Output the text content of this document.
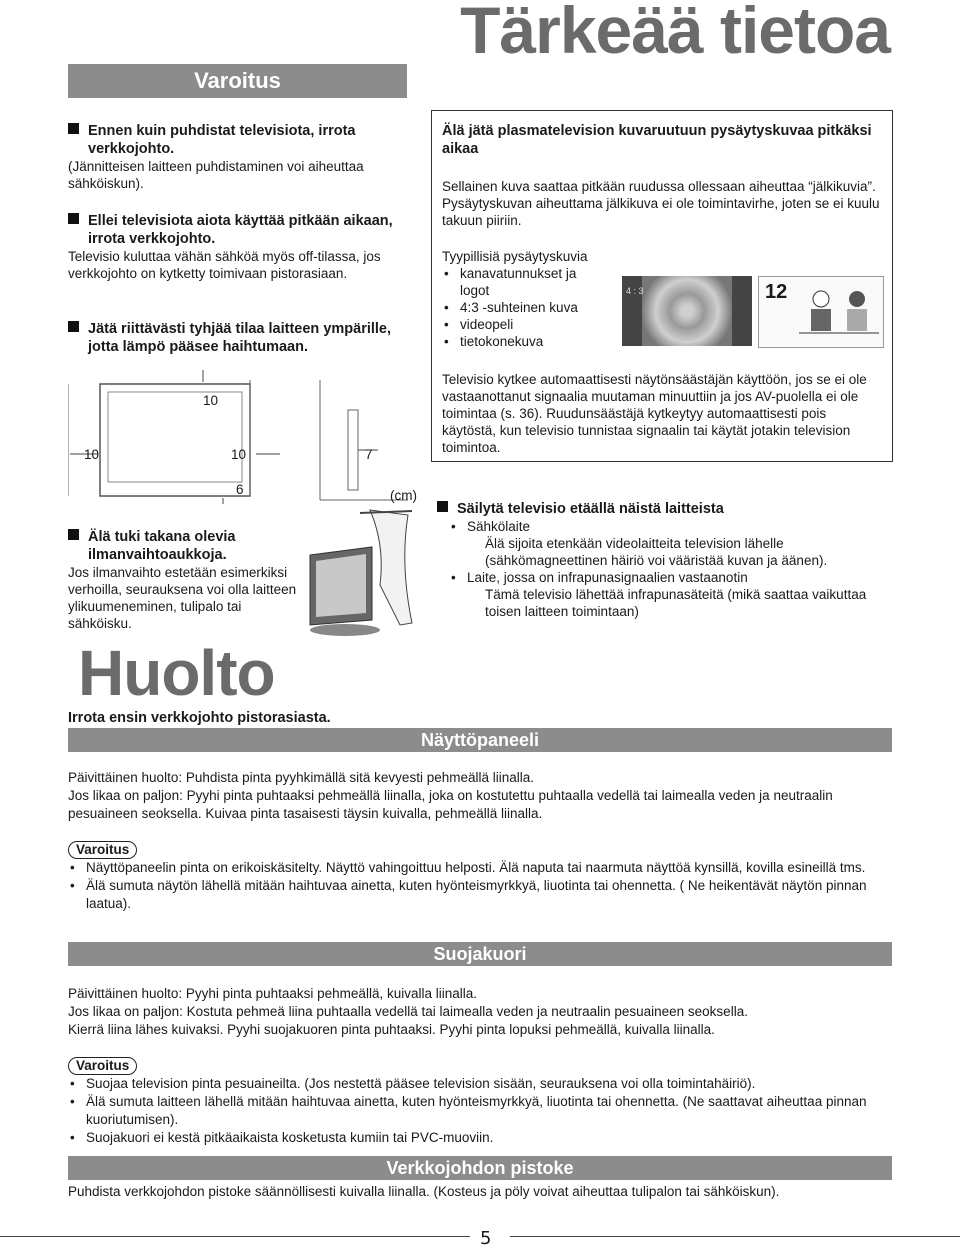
Tärkeää tietoa
Varoitus
Ennen kuin puhdistat televisiota, irrota verkkojohto.
(Jännitteisen laitteen puhdistaminen voi aiheuttaa sähköiskun).
Ellei televisiota aiota käyttää pitkään aikaan, irrota verkkojohto.
Televisio kuluttaa vähän sähköä myös off-tilassa, jos verkkojohto on kytketty toimivaan pistorasiaan.
Jätä riittävästi tyhjää tilaa laitteen ympärille, jotta lämpö pääsee haihtumaan.
10
10	10
6
7
(cm)
Älä tuki takana olevia ilmanvaihtoaukkoja.
Jos ilmanvaihto estetään esimerkiksi verhoilla, seurauksena voi olla laitteen ylikuumeneminen, tulipalo tai sähköisku.
Älä jätä plasmatelevision kuvaruutuun pysäytyskuvaa pitkäksi aikaa
Sellainen kuva saattaa pitkään ruudussa ollessaan aiheuttaa “jälkikuvia”. Pysäytyskuvan aiheuttama jälkikuva ei ole toimintavirhe, joten se ei kuulu takuun piiriin.
Tyypillisiä pysäytyskuvia
• kanavatunnukset ja logot
• 4:3 -suhteinen kuva
• videopeli
• tietokonekuva
4 : 3	12
Televisio kytkee automaattisesti näytönsäästäjän käyttöön, jos se ei ole vastaanottanut signaalia muutaman minuuttiin ja jos AV-puolella ei ole toimintaa (s. 36). Ruudunsäästäjä kytkeytyy automaattisesti pois käytöstä, kun televisio tunnistaa signaalin tai käytät jotakin television toimintoa.
Säilytä televisio etäällä näistä laitteista
• Sähkölaite
Älä sijoita etenkään videolaitteita television lähelle (sähkömagneettinen häiriö voi vääristää kuvan ja äänen).
• Laite, jossa on infrapunasignaalien vastaanotin
Tämä televisio lähettää infrapunasäteitä (mikä saattaa vaikuttaa toisen laitteen toimintaan)
Huolto
Irrota ensin verkkojohto pistorasiasta.
Näyttöpaneeli
Päivittäinen huolto: Puhdista pinta pyyhkimällä sitä kevyesti pehmeällä liinalla.
Jos likaa on paljon: Pyyhi pinta puhtaaksi pehmeällä liinalla, joka on kostutettu puhtaalla vedellä tai laimealla veden ja neutraalin pesuaineen seoksella. Kuivaa pinta tasaisesti täysin kuivalla, pehmeällä liinalla.
Varoitus
• Näyttöpaneelin pinta on erikoiskäsitelty. Näyttö vahingoittuu helposti. Älä naputa tai naarmuta näyttöä kynsillä, kovilla esineillä tms.
• Älä sumuta näytön lähellä mitään haihtuvaa ainetta, kuten hyönteismyrkkyä, liuotinta tai ohennetta. ( Ne heikentävät näytön pinnan laatua).
Suojakuori
Päivittäinen huolto: Pyyhi pinta puhtaaksi pehmeällä, kuivalla liinalla.
Jos likaa on paljon: Kostuta pehmeä liina puhtaalla vedellä tai laimealla veden ja neutraalin pesuaineen seoksella.
Kierrä liina lähes kuivaksi. Pyyhi suojakuoren pinta puhtaaksi. Pyyhi pinta lopuksi pehmeällä, kuivalla liinalla.
Varoitus
• Suojaa television pinta pesuaineilta. (Jos nestettä pääsee television sisään, seurauksena voi olla toimintahäiriö).
• Älä sumuta laitteen lähellä mitään haihtuvaa ainetta, kuten hyönteismyrkkyä, liuotinta tai ohennetta. (Ne saattavat aiheuttaa pinnan kuoriutumisen).
• Suojakuori ei kestä pitkäaikaista kosketusta kumiin tai PVC-muoviin.
Verkkojohdon pistoke
Puhdista verkkojohdon pistoke säännöllisesti kuivalla liinalla. (Kosteus ja pöly voivat aiheuttaa tulipalon tai sähköiskun).
5
